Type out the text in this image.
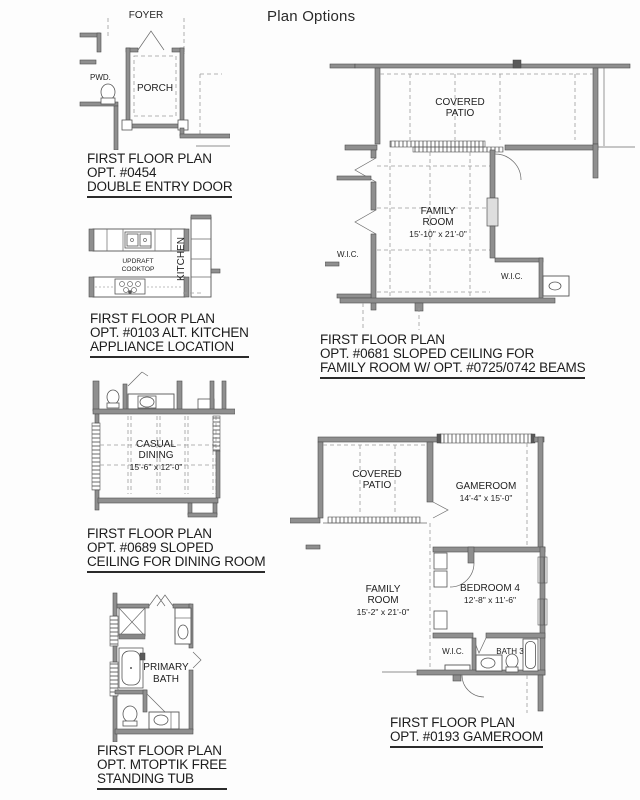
Plan Options
FOYER
PWD.
PORCH
FIRST FLOOR PLAN
OPT. #0454
DOUBLE ENTRY DOOR
COVERED
PATIO
FAMILY
ROOM
15'-10" x 21'-0"
W.I.C.
W.I.C.
FIRST FLOOR PLAN
OPT. #0681 SLOPED CEILING FOR
FAMILY ROOM W/ OPT. #0725/0742 BEAMS
UPDRAFT
COOKTOP KITCHEN
FIRST FLOOR PLAN
OPT. #0103 ALT. KITCHEN
APPLIANCE LOCATION
CASUAL
DINING
15'-6" x 12'-0"
FIRST FLOOR PLAN
OPT. #0689 SLOPED
CEILING FOR DINING ROOM
COVERED
PATIO	GAMEROOM
14'-4" x 15'-0"
FAMILY
ROOM
15'-2" x 21'-0"
BEDROOM 4
12'-8" x 11'-6"
W.I.C.	BATH 3
FIRST FLOOR PLAN
OPT. #0193 GAMEROOM
PRIMARY
BATH
FIRST FLOOR PLAN
OPT. MTOPTIK FREE
STANDING TUB
